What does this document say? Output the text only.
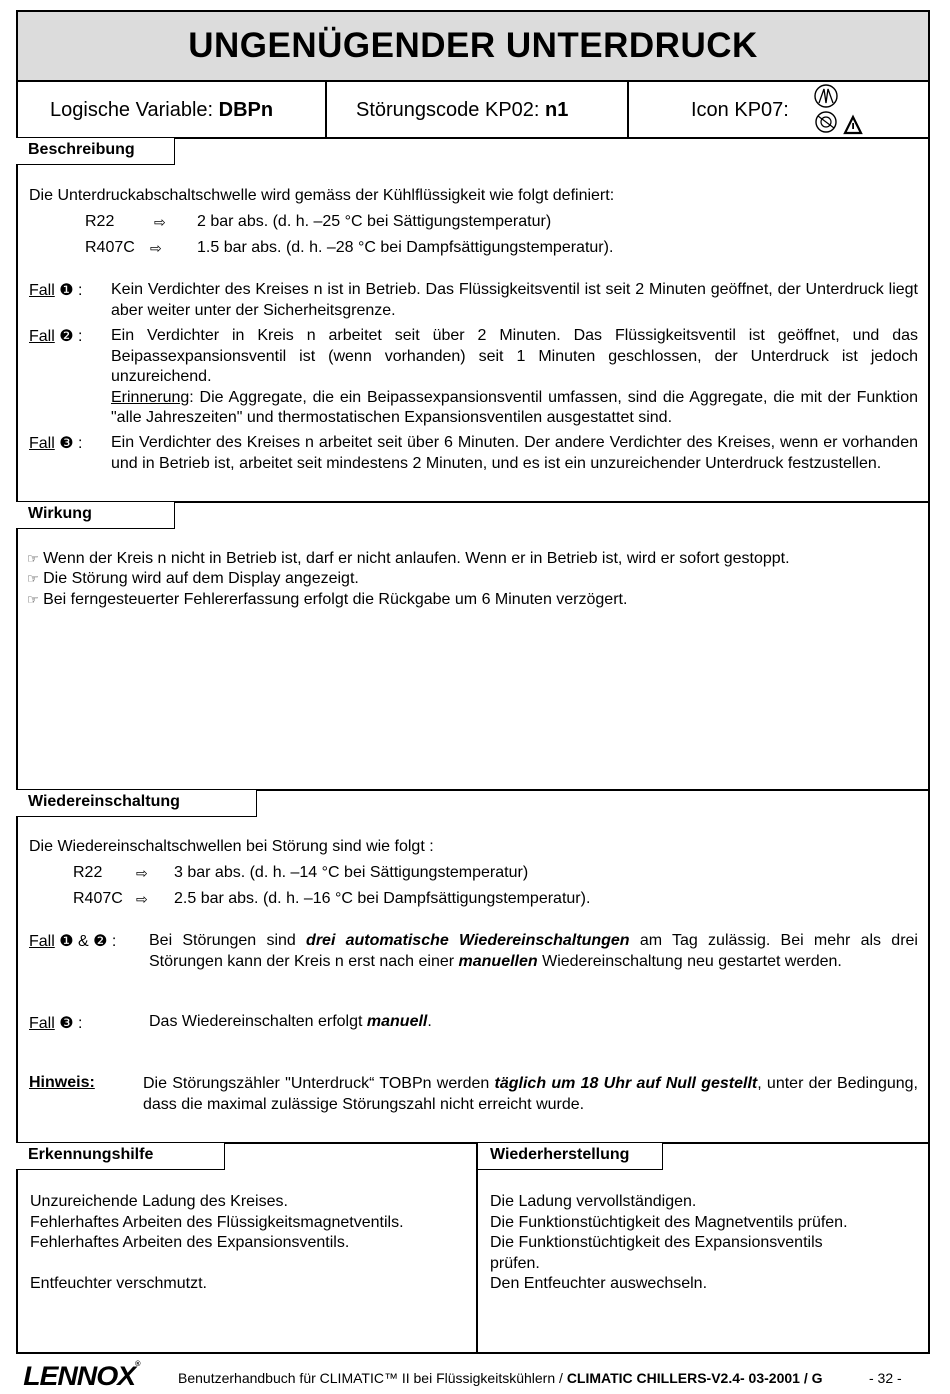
UNGENÜGENDER UNTERDRUCK
Logische Variable: DBPn	Störungscode KP02: n1	Icon KP07:
Beschreibung
Die Unterdruckabschaltschwelle wird gemäss der Kühlflüssigkeit wie folgt definiert:
R22	⇨ 2 bar abs. (d. h. –25 °C bei Sättigungstemperatur)
R407C ⇨ 1.5 bar abs. (d. h. –28 °C bei Dampfsättigungstemperatur).
Fall ❶ : Kein Verdichter des Kreises n ist in Betrieb. Das Flüssigkeitsventil ist seit 2 Minuten geöffnet, der Unterdruck liegt aber weiter unter der Sicherheitsgrenze.
Fall ❷ : Ein Verdichter in Kreis n arbeitet seit über 2 Minuten. Das Flüssigkeitsventil ist geöffnet, und das Beipassexpansionsventil ist (wenn vorhanden) seit 1 Minuten geschlossen, der Unterdruck ist jedoch unzureichend.
Erinnerung: Die Aggregate, die ein Beipassexpansionsventil umfassen, sind die Aggregate, die mit der Funktion "alle Jahreszeiten" und thermostatischen Expansionsventilen ausgestattet sind.
Fall ❸ : Ein Verdichter des Kreises n arbeitet seit über 6 Minuten. Der andere Verdichter des Kreises, wenn er vorhanden und in Betrieb ist, arbeitet seit mindestens 2 Minuten, und es ist ein unzureichender Unterdruck festzustellen.
Wirkung
☞ Wenn der Kreis n nicht in Betrieb ist, darf er nicht anlaufen. Wenn er in Betrieb ist, wird er sofort gestoppt.
☞ Die Störung wird auf dem Display angezeigt.
☞ Bei ferngesteuerter Fehlererfassung erfolgt die Rückgabe um 6 Minuten verzögert.
Wiedereinschaltung
Die Wiedereinschaltschwellen bei Störung sind wie folgt :
R22 ⇨ 3 bar abs. (d. h. –14 °C bei Sättigungstemperatur)
R407C ⇨ 2.5 bar abs. (d. h. –16 °C bei Dampfsättigungstemperatur).
Fall ❶ & ❷ : Bei Störungen sind drei automatische Wiedereinschaltungen am Tag zulässig. Bei mehr als drei Störungen kann der Kreis n erst nach einer manuellen Wiedereinschaltung neu gestartet werden.
Fall ❸ :	Das Wiedereinschalten erfolgt manuell.
Hinweis:	Die Störungszähler "Unterdruck“ TOBPn werden täglich um 18 Uhr auf Null gestellt, unter der Bedingung, dass die maximal zulässige Störungszahl nicht erreicht wurde.
Erkennungshilfe	Wiederherstellung
Unzureichende Ladung des Kreises.
Fehlerhaftes Arbeiten des Flüssigkeitsmagnetventils.
Fehlerhaftes Arbeiten des Expansionsventils.
Entfeuchter verschmutzt.
Die Ladung vervollständigen.
Die Funktionstüchtigkeit des Magnetventils prüfen.
Die Funktionstüchtigkeit des Expansionsventils
prüfen.
Den Entfeuchter auswechseln.
LENNOX®
Benutzerhandbuch für CLIMATIC™ II bei Flüssigkeitskühlern / CLIMATIC CHILLERS-V2.4- 03-2001 / G	- 32 -
